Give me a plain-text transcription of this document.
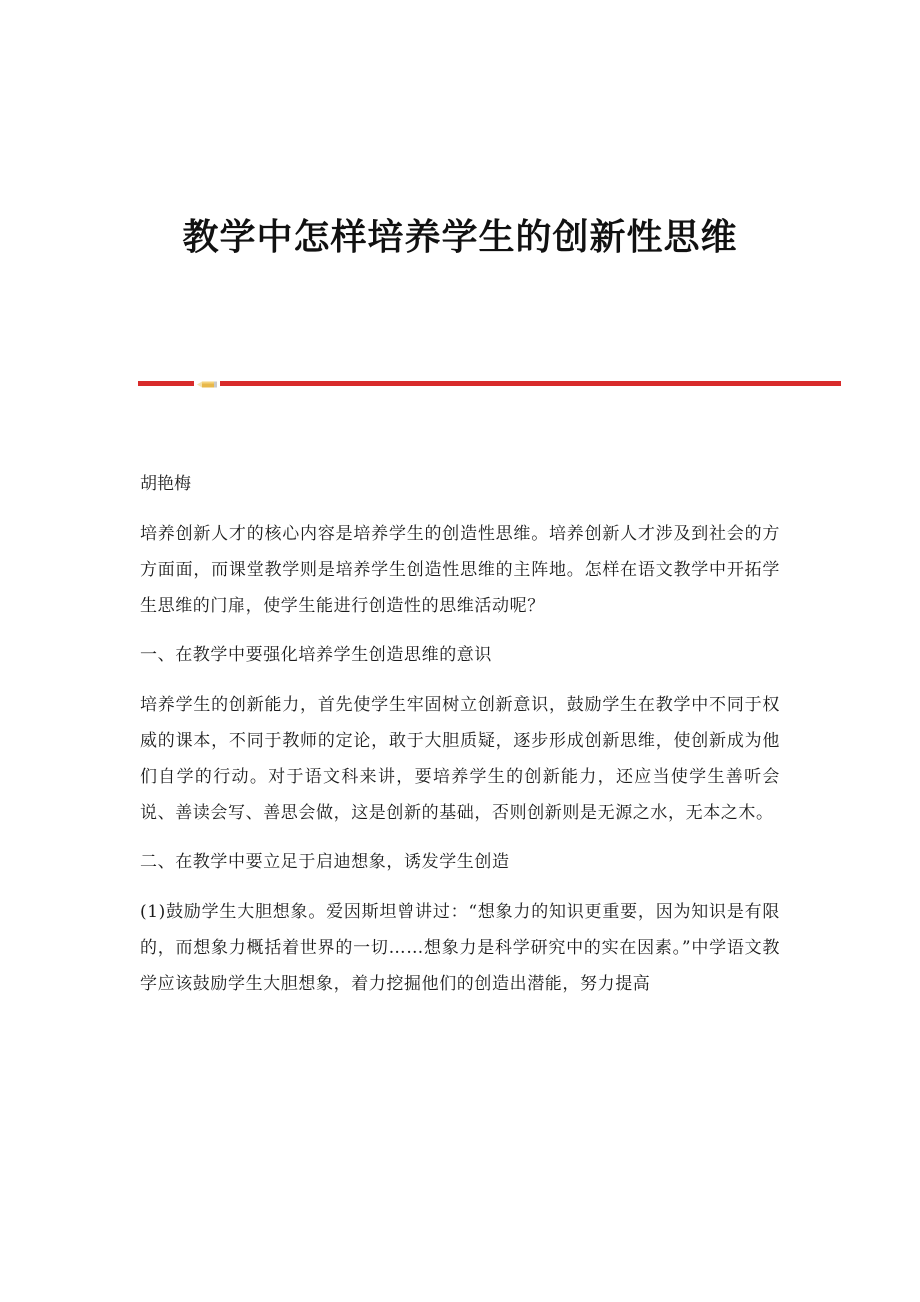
教学中怎样培养学生的创新性思维
胡艳梅

培养创新人才的核心内容是培养学生的创造性思维。培养创新人才涉及到社会的方方面面，而课堂教学则是培养学生创造性思维的主阵地。怎样在语文教学中开拓学生思维的门扉，使学生能进行创造性的思维活动呢？

一、在教学中要强化培养学生创造思维的意识

培养学生的创新能力，首先使学生牢固树立创新意识，鼓励学生在教学中不同于权威的课本，不同于教师的定论，敢于大胆质疑，逐步形成创新思维，使创新成为他们自学的行动。对于语文科来讲，要培养学生的创新能力，还应当使学生善听会说、善读会写、善思会做，这是创新的基础，否则创新则是无源之水，无本之木。

二、在教学中要立足于启迪想象，诱发学生创造

(1)鼓励学生大胆想象。爱因斯坦曾讲过：“想象力的知识更重要，因为知识是有限的，而想象力概括着世界的一切……想象力是科学研究中的实在因素。”中学语文教学应该鼓励学生大胆想象，着力挖掘他们的创造出潜能，努力提高
